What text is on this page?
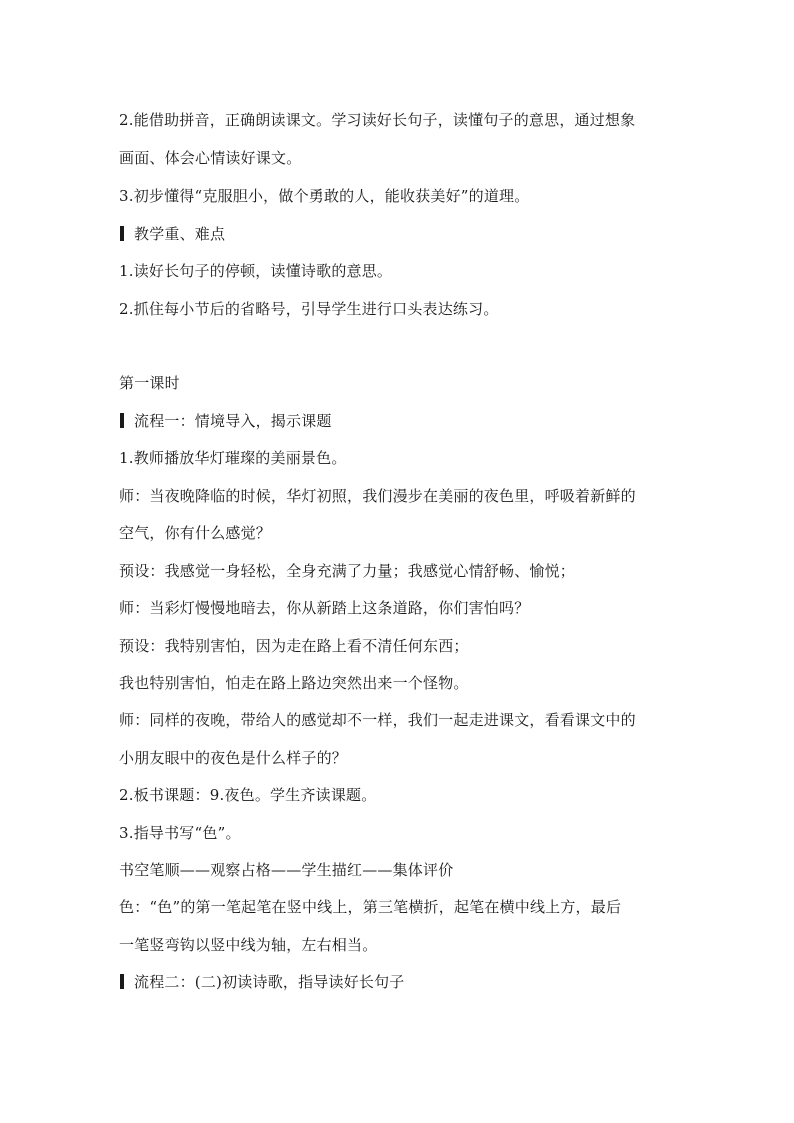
2.能借助拼音，正确朗读课文。学习读好长句子，读懂句子的意思，通过想象
画面、体会心情读好课文。
3.初步懂得“克服胆小，做个勇敢的人，能收获美好”的道理。
教学重、难点
1.读好长句子的停顿，读懂诗歌的意思。
2.抓住每小节后的省略号，引导学生进行口头表达练习。
第一课时
流程一：情境导入，揭示课题
1.教师播放华灯璀璨的美丽景色。
师：当夜晚降临的时候，华灯初照，我们漫步在美丽的夜色里，呼吸着新鲜的
空气，你有什么感觉？
预设：我感觉一身轻松，全身充满了力量；我感觉心情舒畅、愉悦；
师：当彩灯慢慢地暗去，你从新踏上这条道路，你们害怕吗？
预设：我特别害怕，因为走在路上看不清任何东西；
我也特别害怕，怕走在路上路边突然出来一个怪物。
师：同样的夜晚，带给人的感觉却不一样，我们一起走进课文，看看课文中的
小朋友眼中的夜色是什么样子的？
2.板书课题：9.夜色。学生齐读课题。
3.指导书写“色”。
书空笔顺——观察占格——学生描红——集体评价
色：“色”的第一笔起笔在竖中线上，第三笔横折，起笔在横中线上方，最后
一笔竖弯钩以竖中线为轴，左右相当。
流程二：(二)初读诗歌，指导读好长句子
